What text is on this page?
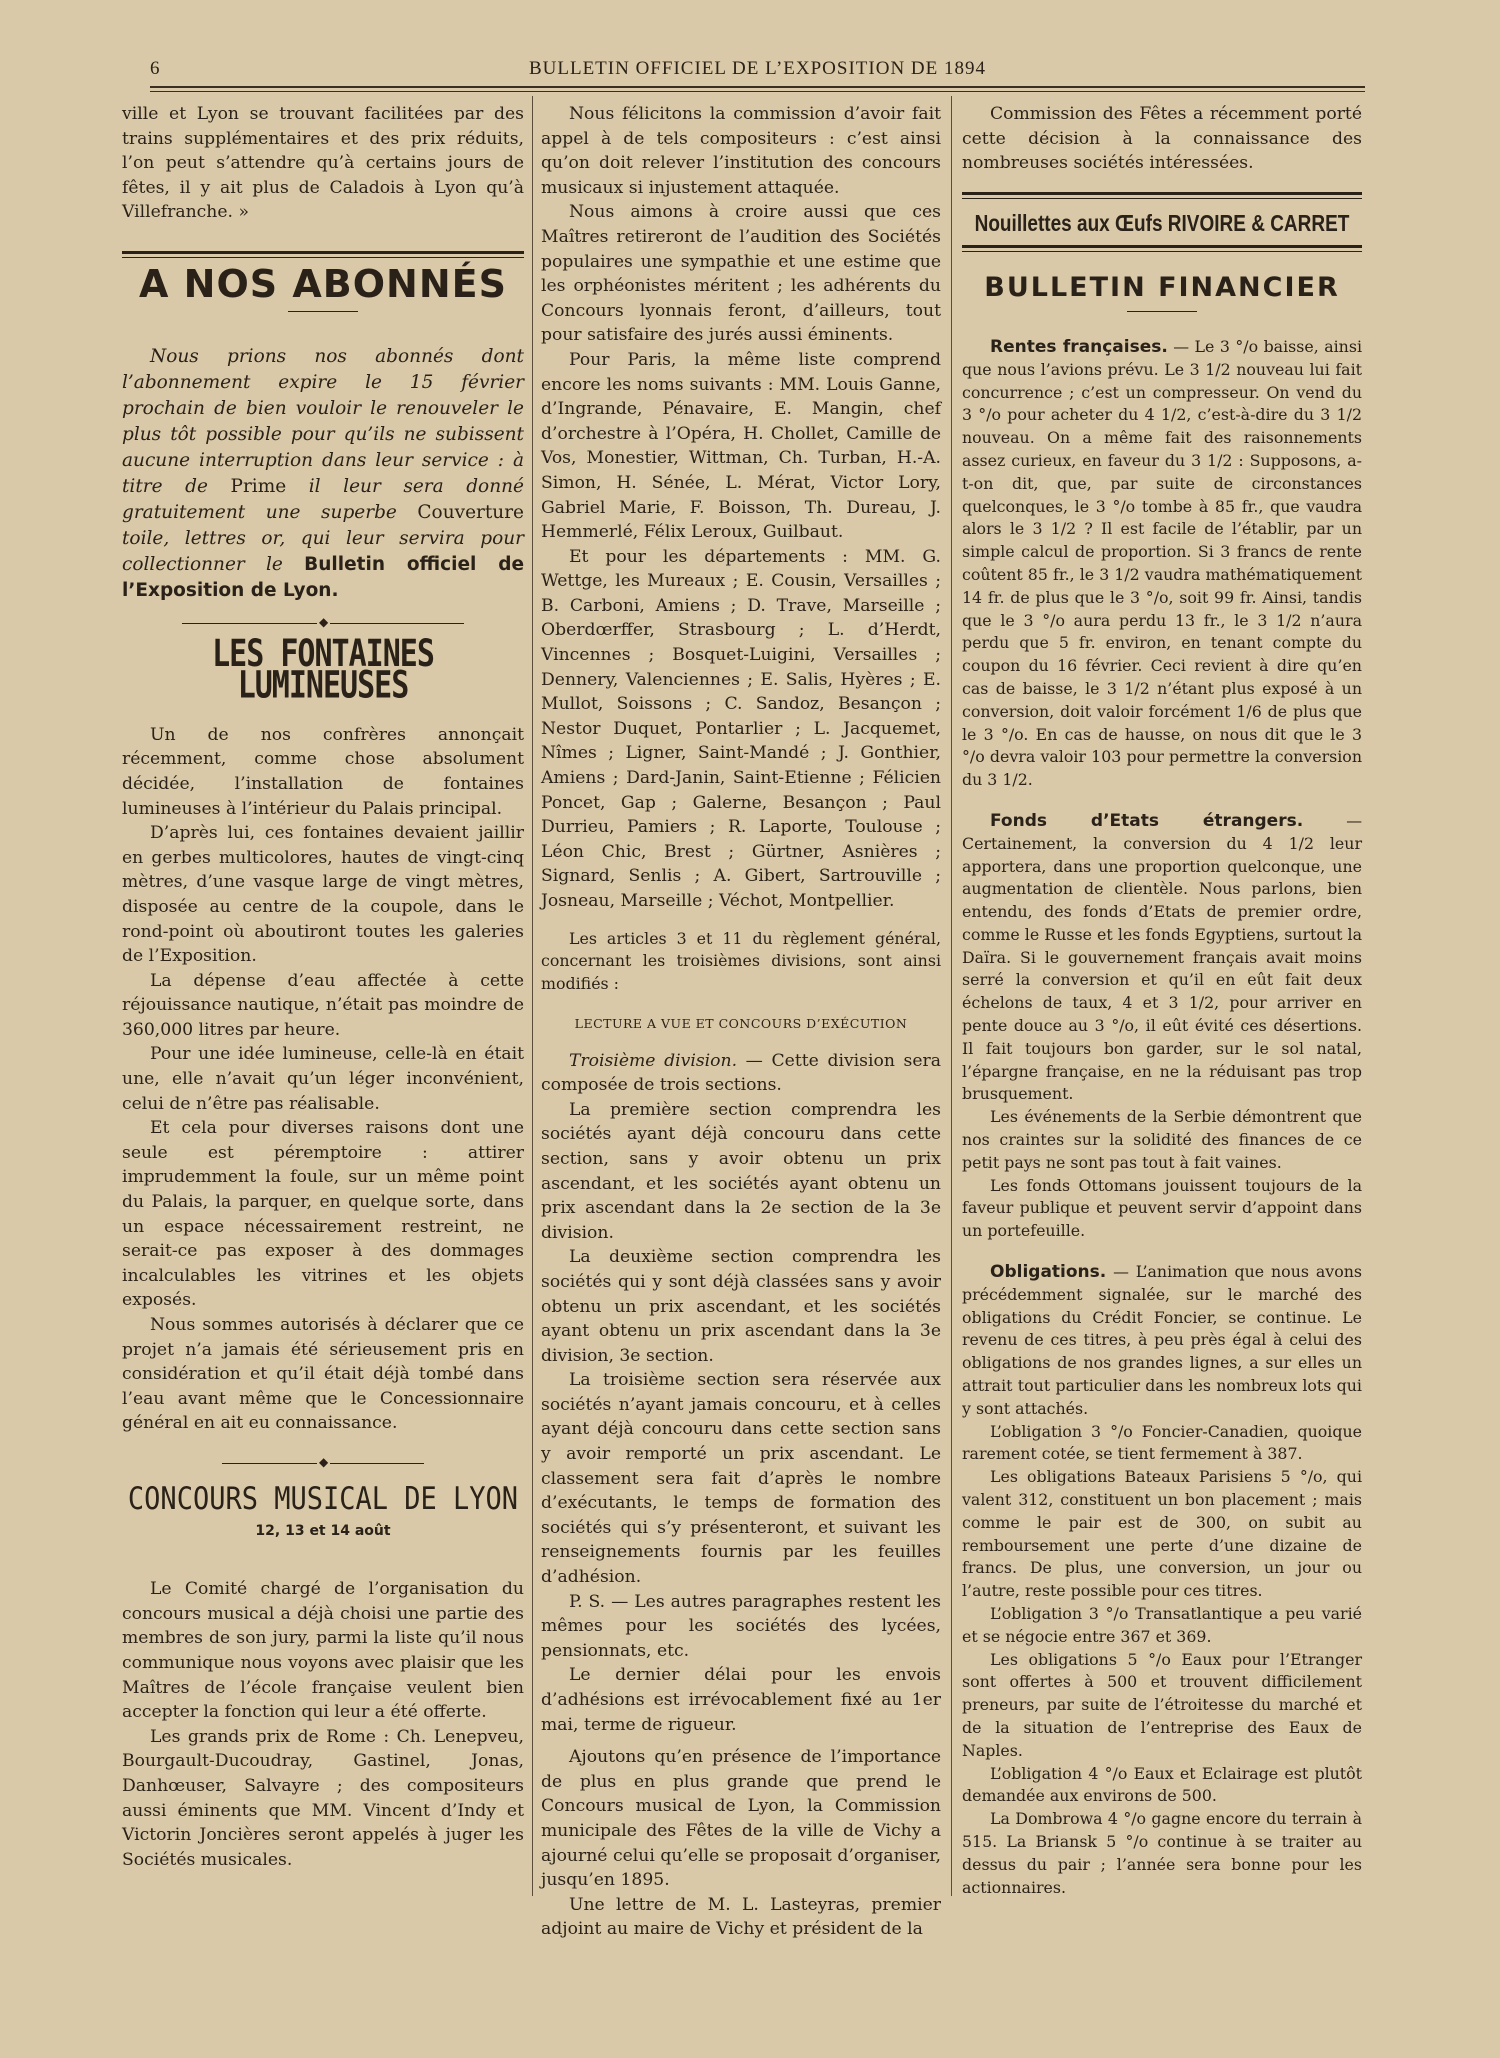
6	BULLETIN OFFICIEL DE L’EXPOSITION DE 1894

ville et Lyon se trouvant facilitées par des trains supplémentaires et des prix réduits, l’on peut s’attendre qu’à certains jours de fêtes, il y ait plus de Caladois à Lyon qu’à Villefranche. »

A NOS ABONNÉS

Nous prions nos abonnés dont l’abonnement expire le 15 février prochain de bien vouloir le renouveler le plus tôt possible pour qu’ils ne subissent aucune interruption dans leur service : à titre de Prime il leur sera donné gratuitement une superbe Couverture toile, lettres or, qui leur servira pour collectionner le Bulletin officiel de l’Exposition de Lyon.

◆
LES FONTAINES LUMINEUSES

Un de nos confrères annonçait récemment, comme chose absolument décidée, l’installation de fontaines lumineuses à l’intérieur du Palais principal.

D’après lui, ces fontaines devaient jaillir en gerbes multicolores, hautes de vingt-cinq mètres, d’une vasque large de vingt mètres, disposée au centre de la coupole, dans le rond-point où aboutiront toutes les galeries de l’Exposition.

La dépense d’eau affectée à cette réjouissance nautique, n’était pas moindre de 360,000 litres par heure.

Pour une idée lumineuse, celle-là en était une, elle n’avait qu’un léger inconvénient, celui de n’être pas réalisable.

Et cela pour diverses raisons dont une seule est péremptoire : attirer imprudemment la foule, sur un même point du Palais, la parquer, en quelque sorte, dans un espace nécessairement restreint, ne serait-ce pas exposer à des dommages incalculables les vitrines et les objets exposés.

Nous sommes autorisés à déclarer que ce projet n’a jamais été sérieusement pris en considération et qu’il était déjà tombé dans l’eau avant même que le Concessionnaire général en ait eu connaissance.

◆
CONCOURS MUSICAL DE LYON
12, 13 et 14 août

Le Comité chargé de l’organisation du concours musical a déjà choisi une partie des membres de son jury, parmi la liste qu’il nous communique nous voyons avec plaisir que les Maîtres de l’école française veulent bien accepter la fonction qui leur a été offerte.

Les grands prix de Rome : Ch. Lenepveu, Bourgault-Ducoudray, Gastinel, Jonas, Danhœuser, Salvayre ; des compositeurs aussi éminents que MM. Vincent d’Indy et Victorin Joncières seront appelés à juger les Sociétés musicales.

Nous félicitons la commission d’avoir fait appel à de tels compositeurs : c’est ainsi qu’on doit relever l’institution des concours musicaux si injustement attaquée.

Nous aimons à croire aussi que ces Maîtres retireront de l’audition des Sociétés populaires une sympathie et une estime que les orphéonistes méritent ; les adhérents du Concours lyonnais feront, d’ailleurs, tout pour satisfaire des jurés aussi éminents.

Pour Paris, la même liste comprend encore les noms suivants : MM. Louis Ganne, d’Ingrande, Pénavaire, E. Mangin, chef d’orchestre à l’Opéra, H. Chollet, Camille de Vos, Monestier, Wittman, Ch. Turban, H.-A. Simon, H. Sénée, L. Mérat, Victor Lory, Gabriel Marie, F. Boisson, Th. Dureau, J. Hemmerlé, Félix Leroux, Guilbaut.

Et pour les départements : MM. G. Wettge, les Mureaux ; E. Cousin, Versailles ; B. Carboni, Amiens ; D. Trave, Marseille ; Oberdœrffer, Strasbourg ; L. d’Herdt, Vincennes ; Bosquet-Luigini, Versailles ; Dennery, Valenciennes ; E. Salis, Hyères ; E. Mullot, Soissons ; C. Sandoz, Besançon ; Nestor Duquet, Pontarlier ; L. Jacquemet, Nîmes ; Ligner, Saint-Mandé ; J. Gonthier, Amiens ; Dard-Janin, Saint-Etienne ; Félicien Poncet, Gap ; Galerne, Besançon ; Paul Durrieu, Pamiers ; R. Laporte, Toulouse ; Léon Chic, Brest ; Gürtner, Asnières ; Signard, Senlis ; A. Gibert, Sartrouville ; Josneau, Marseille ; Véchot, Montpellier.

Les articles 3 et 11 du règlement général, concernant les troisièmes divisions, sont ainsi modifiés :

LECTURE A VUE ET CONCOURS D’EXÉCUTION

Troisième division. — Cette division sera composée de trois sections.

La première section comprendra les sociétés ayant déjà concouru dans cette section, sans y avoir obtenu un prix ascendant, et les sociétés ayant obtenu un prix ascendant dans la 2e section de la 3e division.

La deuxième section comprendra les sociétés qui y sont déjà classées sans y avoir obtenu un prix ascendant, et les sociétés ayant obtenu un prix ascendant dans la 3e division, 3e section.

La troisième section sera réservée aux sociétés n’ayant jamais concouru, et à celles ayant déjà concouru dans cette section sans y avoir remporté un prix ascendant. Le classement sera fait d’après le nombre d’exécutants, le temps de formation des sociétés qui s’y présenteront, et suivant les renseignements fournis par les feuilles d’adhésion.

P. S. — Les autres paragraphes restent les mêmes pour les sociétés des lycées, pensionnats, etc.

Le dernier délai pour les envois d’adhésions est irrévocablement fixé au 1er mai, terme de rigueur.

Ajoutons qu’en présence de l’importance de plus en plus grande que prend le Concours musical de Lyon, la Commission municipale des Fêtes de la ville de Vichy a ajourné celui qu’elle se proposait d’organiser, jusqu’en 1895.

Une lettre de M. L. Lasteyras, premier adjoint au maire de Vichy et président de la

Commission des Fêtes a récemment porté cette décision à la connaissance des nombreuses sociétés intéressées.

Nouillettes aux Œufs RIVOIRE & CARRET
BULLETIN FINANCIER

Rentes françaises. — Le 3 °/o baisse, ainsi que nous l’avions prévu. Le 3 1/2 nouveau lui fait concurrence ; c’est un compresseur. On vend du 3 °/o pour acheter du 4 1/2, c’est-à-dire du 3 1/2 nouveau. On a même fait des raisonnements assez curieux, en faveur du 3 1/2 : Supposons, a-t-on dit, que, par suite de circonstances quelconques, le 3 °/o tombe à 85 fr., que vaudra alors le 3 1/2 ? Il est facile de l’établir, par un simple calcul de proportion. Si 3 francs de rente coûtent 85 fr., le 3 1/2 vaudra mathématiquement 14 fr. de plus que le 3 °/o, soit 99 fr. Ainsi, tandis que le 3 °/o aura perdu 13 fr., le 3 1/2 n’aura perdu que 5 fr. environ, en tenant compte du coupon du 16 février. Ceci revient à dire qu’en cas de baisse, le 3 1/2 n’étant plus exposé à un conversion, doit valoir forcément 1/6 de plus que le 3 °/o. En cas de hausse, on nous dit que le 3 °/o devra valoir 103 pour permettre la conversion du 3 1/2.

Fonds d’Etats étrangers. — Certainement, la conversion du 4 1/2 leur apportera, dans une proportion quelconque, une augmentation de clientèle. Nous parlons, bien entendu, des fonds d’Etats de premier ordre, comme le Russe et les fonds Egyptiens, surtout la Daïra. Si le gouvernement français avait moins serré la conversion et qu’il en eût fait deux échelons de taux, 4 et 3 1/2, pour arriver en pente douce au 3 °/o, il eût évité ces désertions. Il fait toujours bon garder, sur le sol natal, l’épargne française, en ne la réduisant pas trop brusquement.

Les événements de la Serbie démontrent que nos craintes sur la solidité des finances de ce petit pays ne sont pas tout à fait vaines.

Les fonds Ottomans jouissent toujours de la faveur publique et peuvent servir d’appoint dans un portefeuille.

Obligations. — L’animation que nous avons précédemment signalée, sur le marché des obligations du Crédit Foncier, se continue. Le revenu de ces titres, à peu près égal à celui des obligations de nos grandes lignes, a sur elles un attrait tout particulier dans les nombreux lots qui y sont attachés.

L’obligation 3 °/o Foncier-Canadien, quoique rarement cotée, se tient fermement à 387.

Les obligations Bateaux Parisiens 5 °/o, qui valent 312, constituent un bon placement ; mais comme le pair est de 300, on subit au remboursement une perte d’une dizaine de francs. De plus, une conversion, un jour ou l’autre, reste possible pour ces titres.

L’obligation 3 °/o Transatlantique a peu varié et se négocie entre 367 et 369.

Les obligations 5 °/o Eaux pour l’Etranger sont offertes à 500 et trouvent difficilement preneurs, par suite de l’étroitesse du marché et de la situation de l’entreprise des Eaux de Naples.

L’obligation 4 °/o Eaux et Eclairage est plutôt demandée aux environs de 500.

La Dombrowa 4 °/o gagne encore du terrain à 515. La Briansk 5 °/o continue à se traiter au dessus du pair ; l’année sera bonne pour les actionnaires.
